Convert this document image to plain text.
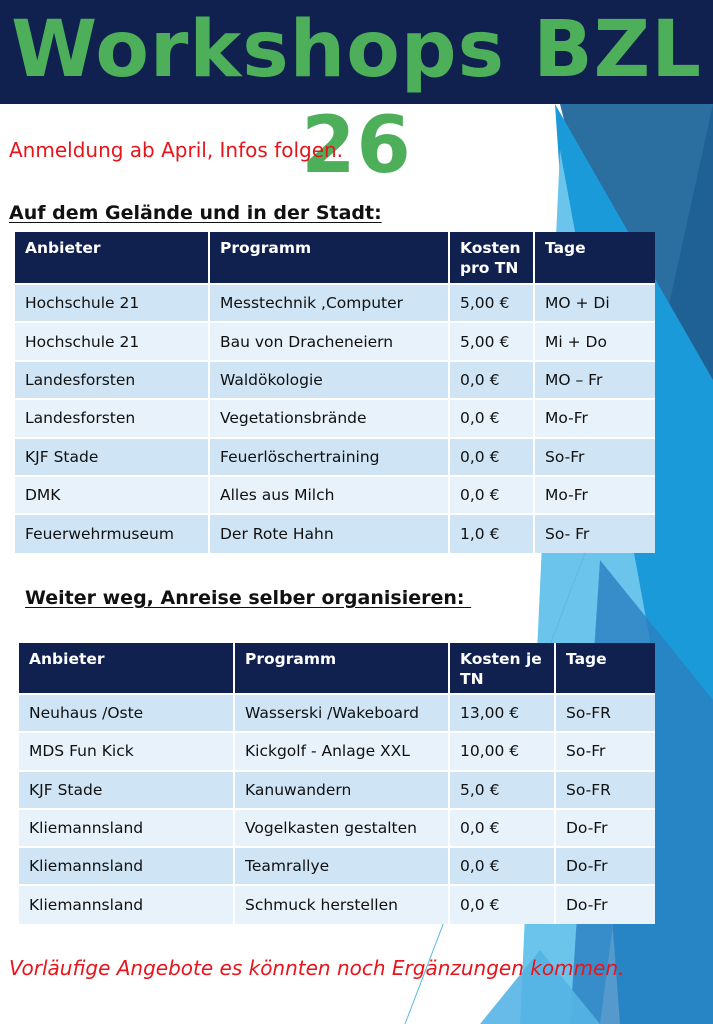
Workshops BZL 26
Anmeldung ab April, Infos folgen.
Auf dem Gelände und in der Stadt:
Anbieter	Programm	Kosten pro TN	Tage
Hochschule 21	Messtechnik ,Computer	5,00 €	MO + Di
Hochschule 21	Bau von Dracheneiern	5,00 €	Mi + Do
Landesforsten	Waldökologie	0,0 €	MO – Fr
Landesforsten	Vegetationsbrände	0,0 €	Mo-Fr
KJF Stade	Feuerlöschertraining	0,0 €	So-Fr
DMK	Alles aus Milch	0,0 €	Mo-Fr
Feuerwehrmuseum	Der Rote Hahn	1,0 €	So- Fr
Weiter weg, Anreise selber organisieren:
Anbieter	Programm	Kosten je TN	Tage
Neuhaus /Oste	Wasserski /Wakeboard	13,00 €	So-FR
MDS Fun Kick	Kickgolf - Anlage XXL	10,00 €	So-Fr
KJF Stade	Kanuwandern	5,0 €	So-FR
Kliemannsland	Vogelkasten gestalten	0,0 €	Do-Fr
Kliemannsland	Teamrallye	0,0 €	Do-Fr
Kliemannsland	Schmuck herstellen	0,0 €	Do-Fr
Vorläufige Angebote es könnten noch Ergänzungen kommen.
